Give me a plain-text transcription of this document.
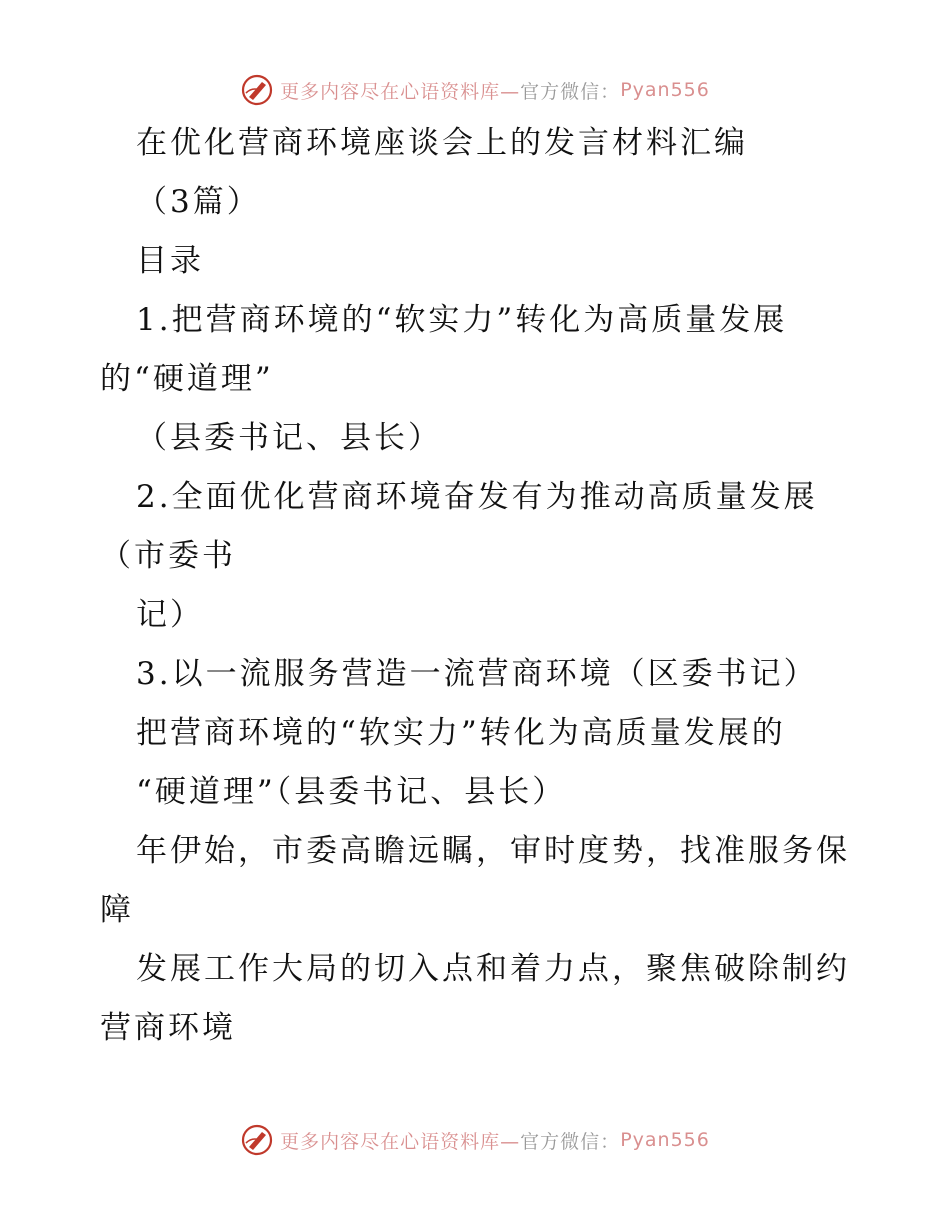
更多内容尽在心语资料库— 官方微信： Pyan556
在优化营商环境座谈会上的发言材料汇编
（3篇）
目录
1.把营商环境的“软实力”转化为高质量发展
的“硬道理”
（县委书记、县长）
2.全面优化营商环境奋发有为推动高质量发展
（市委书
记）
3.以一流服务营造一流营商环境（区委书记）
把营商环境的“软实力”转化为高质量发展的
“硬道理”（县委书记、县长）
年伊始，市委高瞻远瞩，审时度势，找准服务保
障
发展工作大局的切入点和着力点，聚焦破除制约
营商环境
更多内容尽在心语资料库— 官方微信： Pyan556
